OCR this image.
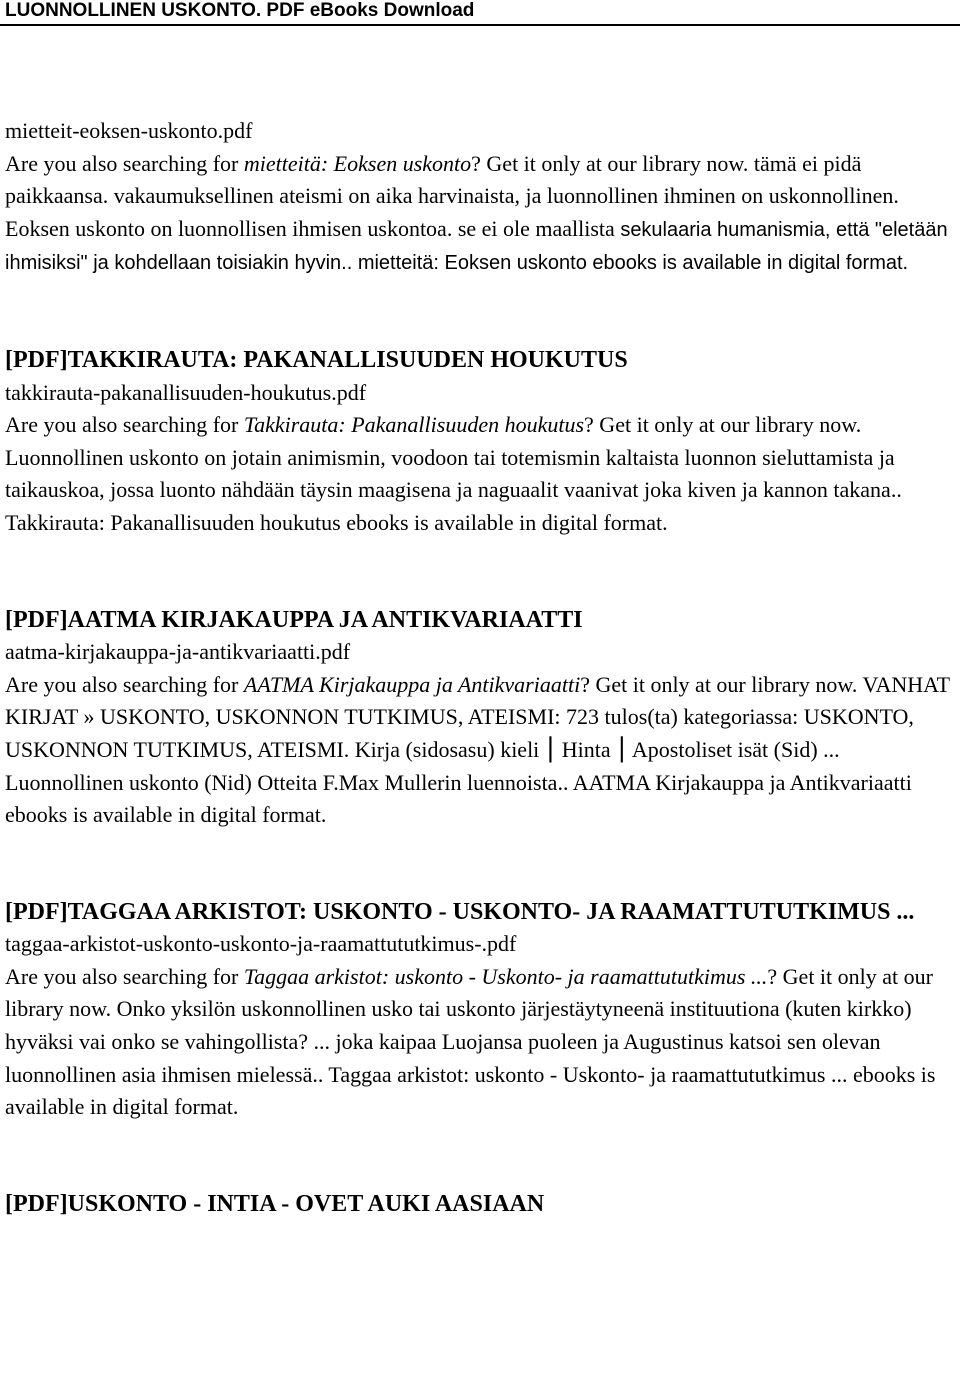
LUONNOLLINEN USKONTO. PDF eBooks Download
mietteit-eoksen-uskonto.pdf

Are you also searching for mietteitä: Eoksen uskonto? Get it only at our library now. tämä ei pidä paikkaansa. vakaumuksellinen ateismi on aika harvinaista, ja luonnollinen ihminen on uskonnollinen. Eoksen uskonto on luonnollisen ihmisen uskontoa. se ei ole maallista sekulaaria humanismia, että "eletään ihmisiksi" ja kohdellaan toisiakin hyvin.. mietteitä: Eoksen uskonto ebooks is available in digital format.

[PDF]TAKKIRAUTA: PAKANALLISUUDEN HOUKUTUS
takkirauta-pakanallisuuden-houkutus.pdf

Are you also searching for Takkirauta: Pakanallisuuden houkutus? Get it only at our library now. Luonnollinen uskonto on jotain animismin, voodoon tai totemismin kaltaista luonnon sieluttamista ja taikauskoa, jossa luonto nähdään täysin maagisena ja naguaalit vaanivat joka kiven ja kannon takana.. Takkirauta: Pakanallisuuden houkutus ebooks is available in digital format.

[PDF]AATMA KIRJAKAUPPA JA ANTIKVARIAATTI
aatma-kirjakauppa-ja-antikvariaatti.pdf

Are you also searching for AATMA Kirjakauppa ja Antikvariaatti? Get it only at our library now. VANHAT KIRJAT » USKONTO, USKONNON TUTKIMUS, ATEISMI: 723 tulos(ta) kategoriassa: USKONTO, USKONNON TUTKIMUS, ATEISMI. Kirja (sidosasu) kieli ⎮ Hinta ⎮ Apostoliset isät (Sid) ... Luonnollinen uskonto (Nid) Otteita F.Max Mullerin luennoista.. AATMA Kirjakauppa ja Antikvariaatti ebooks is available in digital format.

[PDF]TAGGAA ARKISTOT: USKONTO - USKONTO- JA RAAMATTUTUTKIMUS ...
taggaa-arkistot-uskonto-uskonto-ja-raamattututkimus-.pdf

Are you also searching for Taggaa arkistot: uskonto - Uskonto- ja raamattututkimus ...? Get it only at our library now. Onko yksilön uskonnollinen usko tai uskonto järjestäytyneenä instituutiona (kuten kirkko) hyväksi vai onko se vahingollista? ... joka kaipaa Luojansa puoleen ja Augustinus katsoi sen olevan luonnollinen asia ihmisen mielessä.. Taggaa arkistot: uskonto - Uskonto- ja raamattututkimus ... ebooks is available in digital format.

[PDF]USKONTO - INTIA - OVET AUKI AASIAAN
